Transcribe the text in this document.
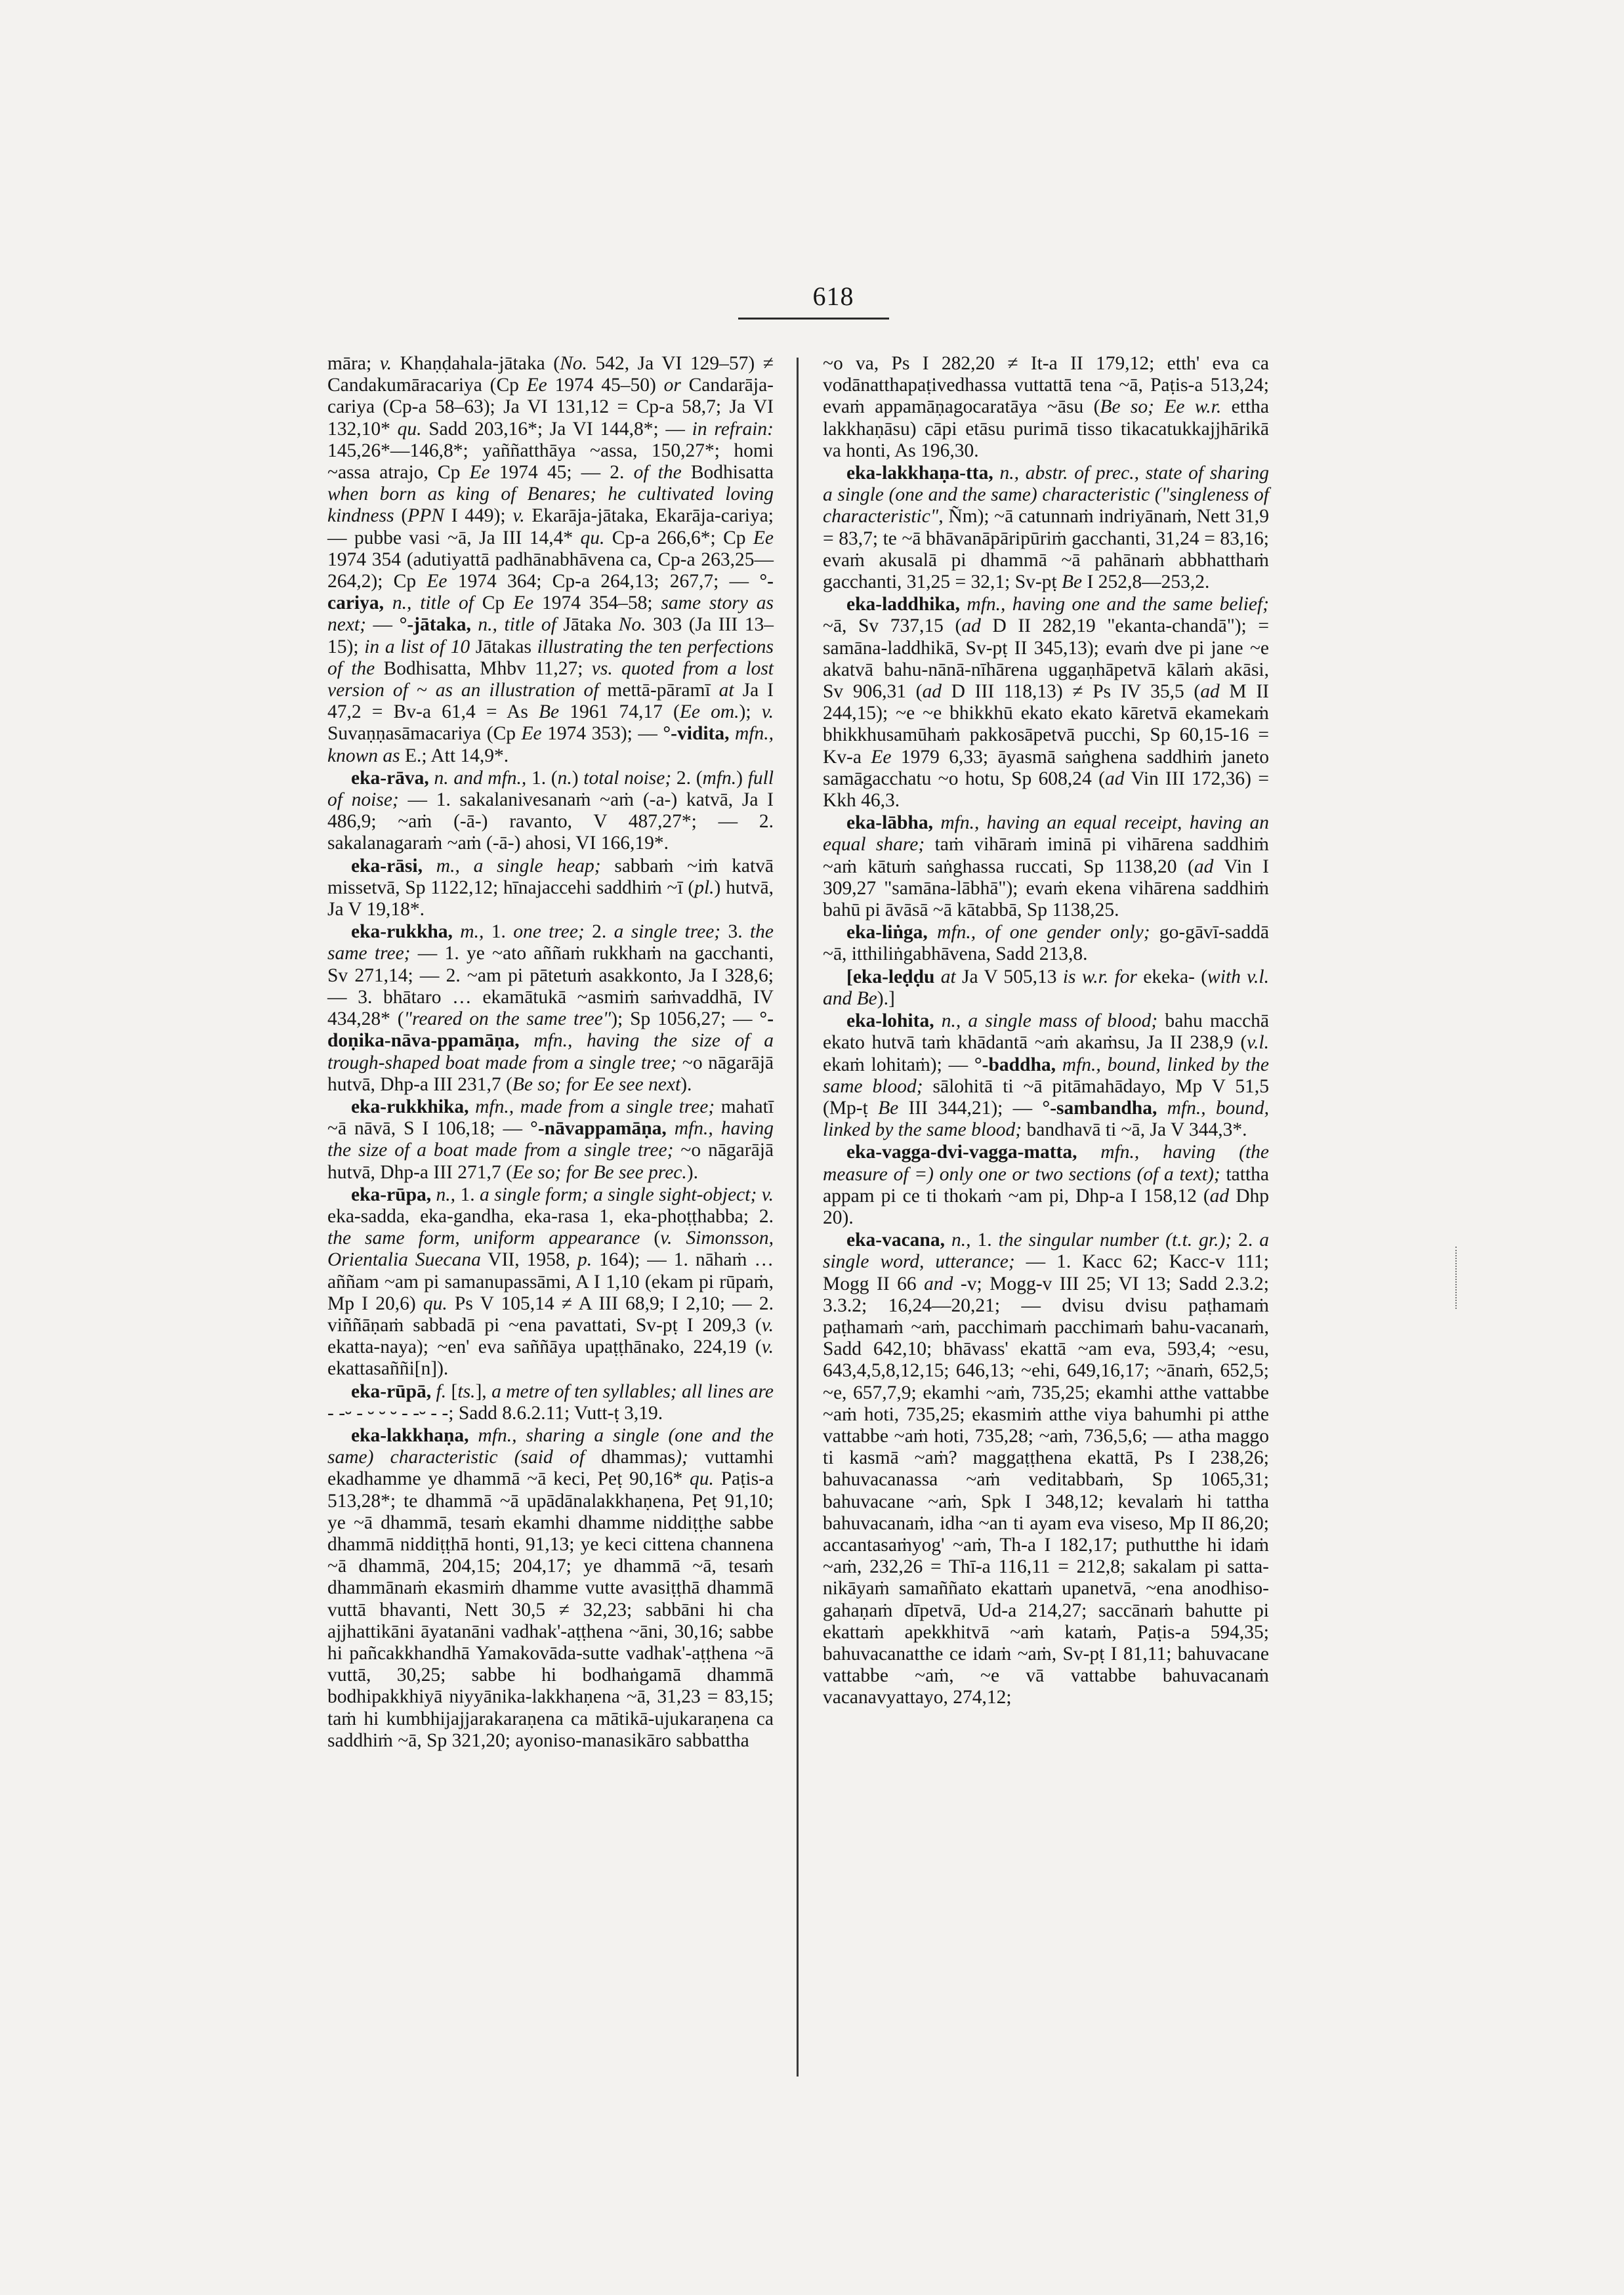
618

māra; v. Khaṇḍahala-jātaka (No. 542, Ja VI 129–57) ≠ Candakumāracariya (Cp Ee 1974 45–50) or Candarāja-cariya (Cp-a 58–63); Ja VI 131,12 = Cp-a 58,7; Ja VI 132,10* qu. Sadd 203,16*; Ja VI 144,8*; — in refrain: 145,26*—146,8*; yaññatthāya ~assa, 150,27*; homi ~assa atrajo, Cp Ee 1974 45; — 2. of the Bodhisatta when born as king of Benares; he cultivated loving kindness (PPN I 449); v. Ekarāja-jātaka, Ekarāja-cariya; — pubbe vasi ~ā, Ja III 14,4* qu. Cp-a 266,6*; Cp Ee 1974 354 (adutiyattā padhānabhāvena ca, Cp-a 263,25—264,2); Cp Ee 1974 364; Cp-a 264,13; 267,7; — °-cariya, n., title of Cp Ee 1974 354–58; same story as next; — °-jātaka, n., title of Jātaka No. 303 (Ja III 13–15); in a list of 10 Jātakas illustrating the ten perfections of the Bodhisatta, Mhbv 11,27; vs. quoted from a lost version of ~ as an illustration of mettā-pāramī at Ja I 47,2 = Bv-a 61,4 = As Be 1961 74,17 (Ee om.); v. Suvaṇṇasāmacariya (Cp Ee 1974 353); — °-vidita, mfn., known as E.; Att 14,9*.

eka-rāva, n. and mfn., 1. (n.) total noise; 2. (mfn.) full of noise; — 1. sakalanivesanaṁ ~aṁ (-a-) katvā, Ja I 486,9; ~aṁ (-ā-) ravanto, V 487,27*; — 2. sakalanagaraṁ ~aṁ (-ā-) ahosi, VI 166,19*.

eka-rāsi, m., a single heap; sabbaṁ ~iṁ katvā missetvā, Sp 1122,12; hīnajaccehi saddhiṁ ~ī (pl.) hutvā, Ja V 19,18*.

eka-rukkha, m., 1. one tree; 2. a single tree; 3. the same tree; — 1. ye ~ato aññaṁ rukkhaṁ na gacchanti, Sv 271,14; — 2. ~am pi pātetuṁ asakkonto, Ja I 328,6; — 3. bhātaro … ekamātukā ~asmiṁ saṁvaddhā, IV 434,28* ("reared on the same tree"); Sp 1056,27; — °-doṇika-nāva-ppamāṇa, mfn., having the size of a trough-shaped boat made from a single tree; ~o nāgarājā hutvā, Dhp-a III 231,7 (Be so; for Ee see next).

eka-rukkhika, mfn., made from a single tree; mahatī ~ā nāvā, S I 106,18; — °-nāvappamāṇa, mfn., having the size of a boat made from a single tree; ~o nāgarājā hutvā, Dhp-a III 271,7 (Ee so; for Be see prec.).

eka-rūpa, n., 1. a single form; a single sight-object; v. eka-sadda, eka-gandha, eka-rasa 1, eka-phoṭṭhabba; 2. the same form, uniform appearance (v. Simonsson, Orientalia Suecana VII, 1958, p. 164); — 1. nāhaṁ … aññam ~am pi samanupassāmi, A I 1,10 (ekam pi rūpaṁ, Mp I 20,6) qu. Ps V 105,14 ≠ A III 68,9; I 2,10; — 2. viññāṇaṁ sabbadā pi ~ena pavattati, Sv-pṭ I 209,3 (v. ekatta-naya); ~en' eva saññāya upaṭṭhānako, 224,19 (v. ekattasaññi[n]).

eka-rūpā, f. [ts.], a metre of ten syllables; all lines are - -⏑ - ⏑ ⏑ ⏑ - -⏑ - -; Sadd 8.6.2.11; Vutt-ṭ 3,19.

eka-lakkhaṇa, mfn., sharing a single (one and the same) characteristic (said of dhammas); vuttamhi ekadhamme ye dhammā ~ā keci, Peṭ 90,16* qu. Paṭis-a 513,28*; te dhammā ~ā upādānalakkhaṇena, Peṭ 91,10; ye ~ā dhammā, tesaṁ ekamhi dhamme niddiṭṭhe sabbe dhammā niddiṭṭhā honti, 91,13; ye keci cittena channena ~ā dhammā, 204,15; 204,17; ye dhammā ~ā, tesaṁ dhammānaṁ ekasmiṁ dhamme vutte avasiṭṭhā dhammā vuttā bhavanti, Nett 30,5 ≠ 32,23; sabbāni hi cha ajjhattikāni āyatanāni vadhak'-aṭṭhena ~āni, 30,16; sabbe hi pañcakkhandhā Yamakovāda-sutte vadhak'-aṭṭhena ~ā vuttā, 30,25; sabbe hi bodhaṅgamā dhammā bodhipakkhiyā niyyānika-lakkhaṇena ~ā, 31,23 = 83,15; taṁ hi kumbhijajjarakaraṇena ca mātikā-ujukaraṇena ca saddhiṁ ~ā, Sp 321,20; ayoniso-manasikāro sabbattha

~o va, Ps I 282,20 ≠ It-a II 179,12; etth' eva ca vodānatthapaṭivedhassa vuttattā tena ~ā, Paṭis-a 513,24; evaṁ appamāṇagocaratāya ~āsu (Be so; Ee w.r. ettha lakkhaṇāsu) cāpi etāsu purimā tisso tikacatukkajjhārikā va honti, As 196,30.

eka-lakkhaṇa-tta, n., abstr. of prec., state of sharing a single (one and the same) characteristic ("singleness of characteristic", Ñm); ~ā catunnaṁ indriyānaṁ, Nett 31,9 = 83,7; te ~ā bhāvanāpāripūriṁ gacchanti, 31,24 = 83,16; evaṁ akusalā pi dhammā ~ā pahānaṁ abbhatthaṁ gacchanti, 31,25 = 32,1; Sv-pṭ Be I 252,8—253,2.

eka-laddhika, mfn., having one and the same belief; ~ā, Sv 737,15 (ad D II 282,19 "ekanta-chandā"); = samāna-laddhikā, Sv-pṭ II 345,13); evaṁ dve pi jane ~e akatvā bahu-nānā-nīhārena uggaṇhāpetvā kālaṁ akāsi, Sv 906,31 (ad D III 118,13) ≠ Ps IV 35,5 (ad M II 244,15); ~e ~e bhikkhū ekato ekato kāretvā ekamekaṁ bhikkhusamūhaṁ pakkosāpetvā pucchi, Sp 60,15-16 = Kv-a Ee 1979 6,33; āyasmā saṅghena saddhiṁ janeto samāgacchatu ~o hotu, Sp 608,24 (ad Vin III 172,36) = Kkh 46,3.

eka-lābha, mfn., having an equal receipt, having an equal share; taṁ vihāraṁ iminā pi vihārena saddhiṁ ~aṁ kātuṁ saṅghassa ruccati, Sp 1138,20 (ad Vin I 309,27 "samāna-lābhā"); evaṁ ekena vihārena saddhiṁ bahū pi āvāsā ~ā kātabbā, Sp 1138,25.

eka-liṅga, mfn., of one gender only; go-gāvī-saddā ~ā, itthiliṅgabhāvena, Sadd 213,8.

[eka-leḍḍu at Ja V 505,13 is w.r. for ekeka- (with v.l. and Be).]

eka-lohita, n., a single mass of blood; bahu macchā ekato hutvā taṁ khādantā ~aṁ akaṁsu, Ja II 238,9 (v.l. ekaṁ lohitaṁ); — °-baddha, mfn., bound, linked by the same blood; sālohitā ti ~ā pitāmahādayo, Mp V 51,5 (Mp-ṭ Be III 344,21); — °-sambandha, mfn., bound, linked by the same blood; bandhavā ti ~ā, Ja V 344,3*.

eka-vagga-dvi-vagga-matta, mfn., having (the measure of =) only one or two sections (of a text); tattha appam pi ce ti thokaṁ ~am pi, Dhp-a I 158,12 (ad Dhp 20).

eka-vacana, n., 1. the singular number (t.t. gr.); 2. a single word, utterance; — 1. Kacc 62; Kacc-v 111; Mogg II 66 and -v; Mogg-v III 25; VI 13; Sadd 2.3.2; 3.3.2; 16,24—20,21; — dvisu dvisu paṭhamaṁ paṭhamaṁ ~aṁ, pacchimaṁ pacchimaṁ bahu-vacanaṁ, Sadd 642,10; bhāvass' ekattā ~am eva, 593,4; ~esu, 643,4,5,8,12,15; 646,13; ~ehi, 649,16,17; ~ānaṁ, 652,5; ~e, 657,7,9; ekamhi ~aṁ, 735,25; ekamhi atthe vattabbe ~aṁ hoti, 735,25; ekasmiṁ atthe viya bahumhi pi atthe vattabbe ~aṁ hoti, 735,28; ~aṁ, 736,5,6; — atha maggo ti kasmā ~aṁ? maggaṭṭhena ekattā, Ps I 238,26; bahuvacanassa ~aṁ veditabbaṁ, Sp 1065,31; bahuvacane ~aṁ, Spk I 348,12; kevalaṁ hi tattha bahuvacanaṁ, idha ~an ti ayam eva viseso, Mp II 86,20; accantasaṁyog' ~aṁ, Th-a I 182,17; puthutthe hi idaṁ ~aṁ, 232,26 = Thī-a 116,11 = 212,8; sakalam pi satta-nikāyaṁ samaññato ekattaṁ upanetvā, ~ena anodhiso-gahaṇaṁ dīpetvā, Ud-a 214,27; saccānaṁ bahutte pi ekattaṁ apekkhitvā ~aṁ kataṁ, Paṭis-a 594,35; bahuvacanatthe ce idaṁ ~aṁ, Sv-pṭ I 81,11; bahuvacane vattabbe ~aṁ, ~e vā vattabbe bahuvacanaṁ vacanavyattayo, 274,12;
